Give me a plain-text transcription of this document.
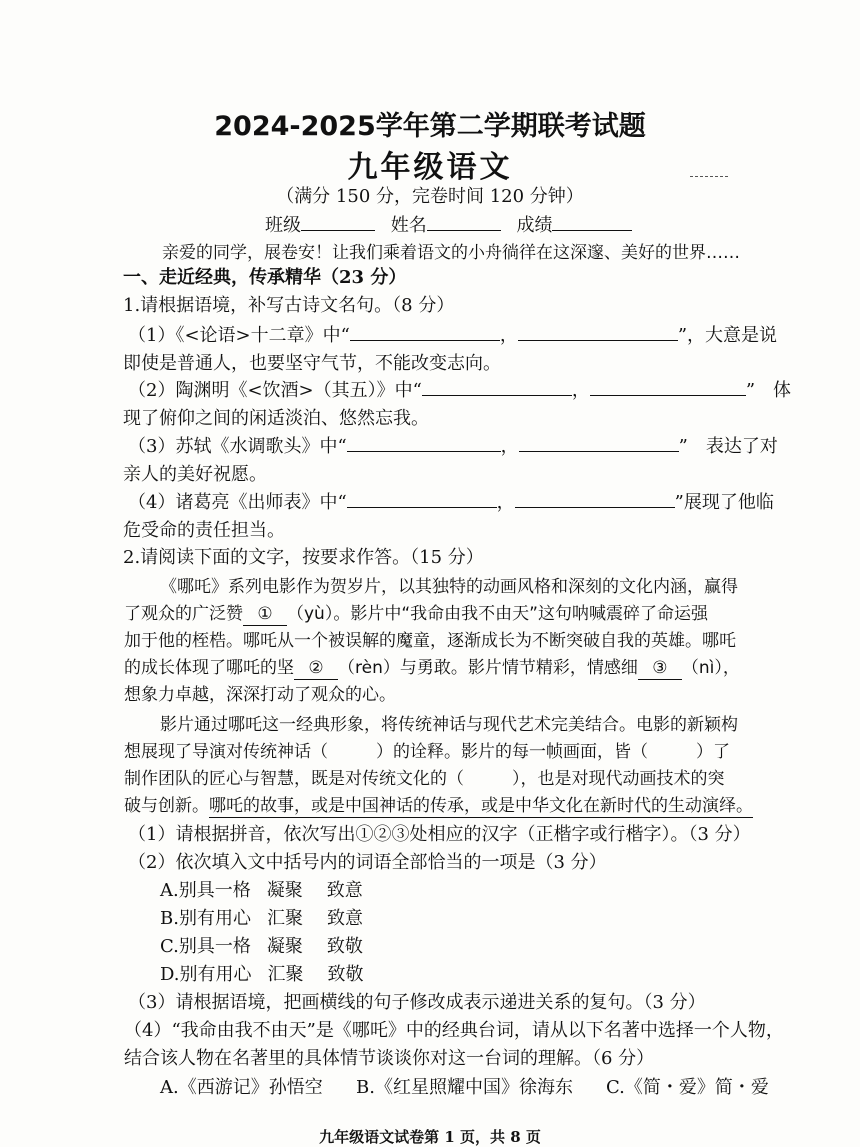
2024-2025学年第二学期联考试题
九年级语文
（满分 150 分，完卷时间 120 分钟）
班级	姓名	成绩
亲爱的同学，展卷安！让我们乘着语文的小舟徜徉在这深邃、美好的世界……
一、走近经典，传承精华（23 分）
1.请根据语境，补写古诗文名句。（8 分）
（1）《<论语>十二章》中“	，	”，大意是说
即使是普通人，也要坚守气节，不能改变志向。
（2）陶渊明《<饮酒>（其五）》中“	，	”　体
现了俯仰之间的闲适淡泊、悠然忘我。
（3）苏轼《水调歌头》中“	，	”　表达了对
亲人的美好祝愿。
（4）诸葛亮《出师表》中“	，	”展现了他临
危受命的责任担当。
2.请阅读下面的文字，按要求作答。（15 分）
《哪吒》系列电影作为贺岁片，以其独特的动画风格和深刻的文化内涵，赢得
了观众的广泛赞 ① （yù）。影片中“我命由我不由天”这句呐喊震碎了命运强
加于他的桎梏。哪吒从一个被误解的魔童，逐渐成长为不断突破自我的英雄。哪吒
的成长体现了哪吒的坚 ② （rèn）与勇敢。影片情节精彩，情感细 ③ （nì），
想象力卓越，深深打动了观众的心。
影片通过哪吒这一经典形象，将传统神话与现代艺术完美结合。电影的新颖构
想展现了导演对传统神话（	）的诠释。影片的每一帧画面，皆（	）了
制作团队的匠心与智慧，既是对传统文化的（	），也是对现代动画技术的突
破与创新。哪吒的故事，或是中国神话的传承，或是中华文化在新时代的生动演绎。
（1）请根据拼音，依次写出①②③处相应的汉字（正楷字或行楷字）。（3 分）
（2）依次填入文中括号内的词语全部恰当的一项是（3 分）
A.别具一格 凝聚 致意
B.别有用心 汇聚 致意
C.别具一格 凝聚 致敬
D.别有用心 汇聚 致敬
（3）请根据语境，把画横线的句子修改成表示递进关系的复句。（3 分）
（4）“我命由我不由天”是《哪吒》中的经典台词，请从以下名著中选择一个人物，
结合该人物在名著里的具体情节谈谈你对这一台词的理解。（6 分）
A.《西游记》孙悟空 B.《红星照耀中国》徐海东 C.《简・爱》简・爱
九年级语文试卷第 1 页，共 8 页
